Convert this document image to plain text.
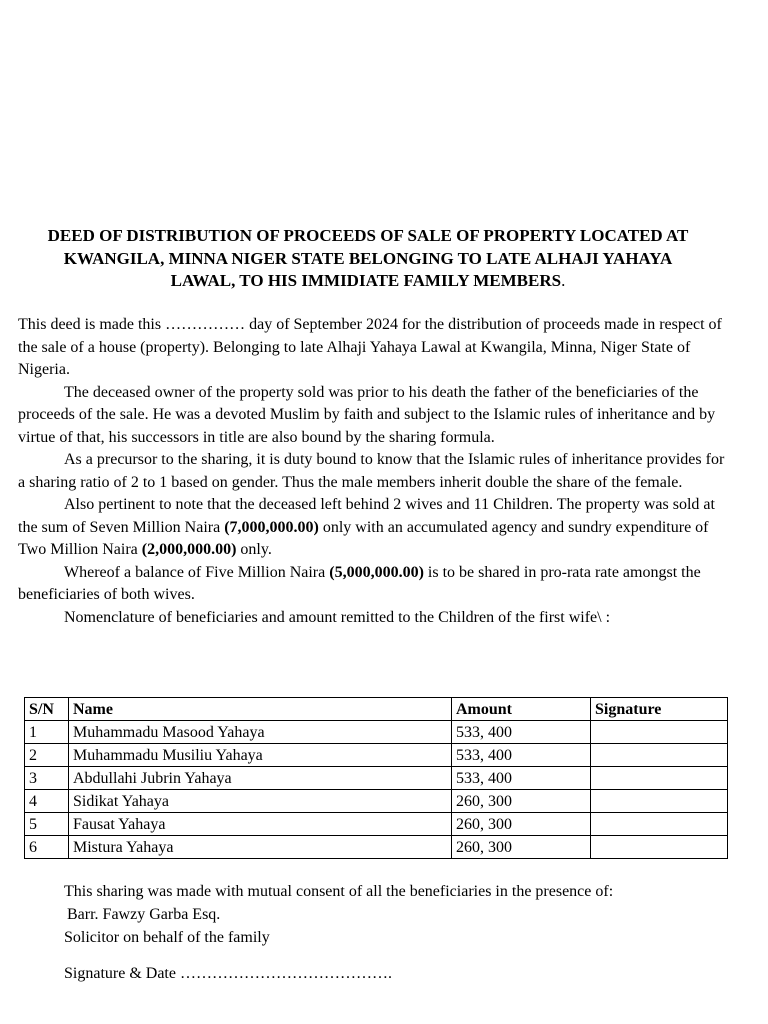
DEED OF DISTRIBUTION OF PROCEEDS OF SALE OF PROPERTY LOCATED AT
KWANGILA, MINNA NIGER STATE BELONGING TO LATE ALHAJI YAHAYA
LAWAL, TO HIS IMMIDIATE FAMILY MEMBERS.

This deed is made this …………… day of September 2024 for the distribution of proceeds made in respect of the sale of a house (property). Belonging to late Alhaji Yahaya Lawal at Kwangila, Minna, Niger State of Nigeria.

The deceased owner of the property sold was prior to his death the father of the beneficiaries of the proceeds of the sale. He was a devoted Muslim by faith and subject to the Islamic rules of inheritance and by virtue of that, his successors in title are also bound by the sharing formula.

As a precursor to the sharing, it is duty bound to know that the Islamic rules of inheritance provides for a sharing ratio of 2 to 1 based on gender. Thus the male members inherit double the share of the female.

Also pertinent to note that the deceased left behind 2 wives and 11 Children. The property was sold at the sum of Seven Million Naira (7,000,000.00) only with an accumulated agency and sundry expenditure of Two Million Naira (2,000,000.00) only.

Whereof a balance of Five Million Naira (5,000,000.00) is to be shared in pro-rata rate amongst the beneficiaries of both wives.

Nomenclature of beneficiaries and amount remitted to the Children of the first wife\ :

S/N	Name	Amount	Signature
1	Muhammadu Masood Yahaya	533, 400	
2	Muhammadu Musiliu Yahaya	533, 400	
3	Abdullahi Jubrin Yahaya	533, 400	
4	Sidikat Yahaya	260, 300	
5	Fausat Yahaya	260, 300	
6	Mistura Yahaya	260, 300	

This sharing was made with mutual consent of all the beneficiaries in the presence of:

Barr. Fawzy Garba Esq.

Solicitor on behalf of the family

Signature & Date ………………………………….
